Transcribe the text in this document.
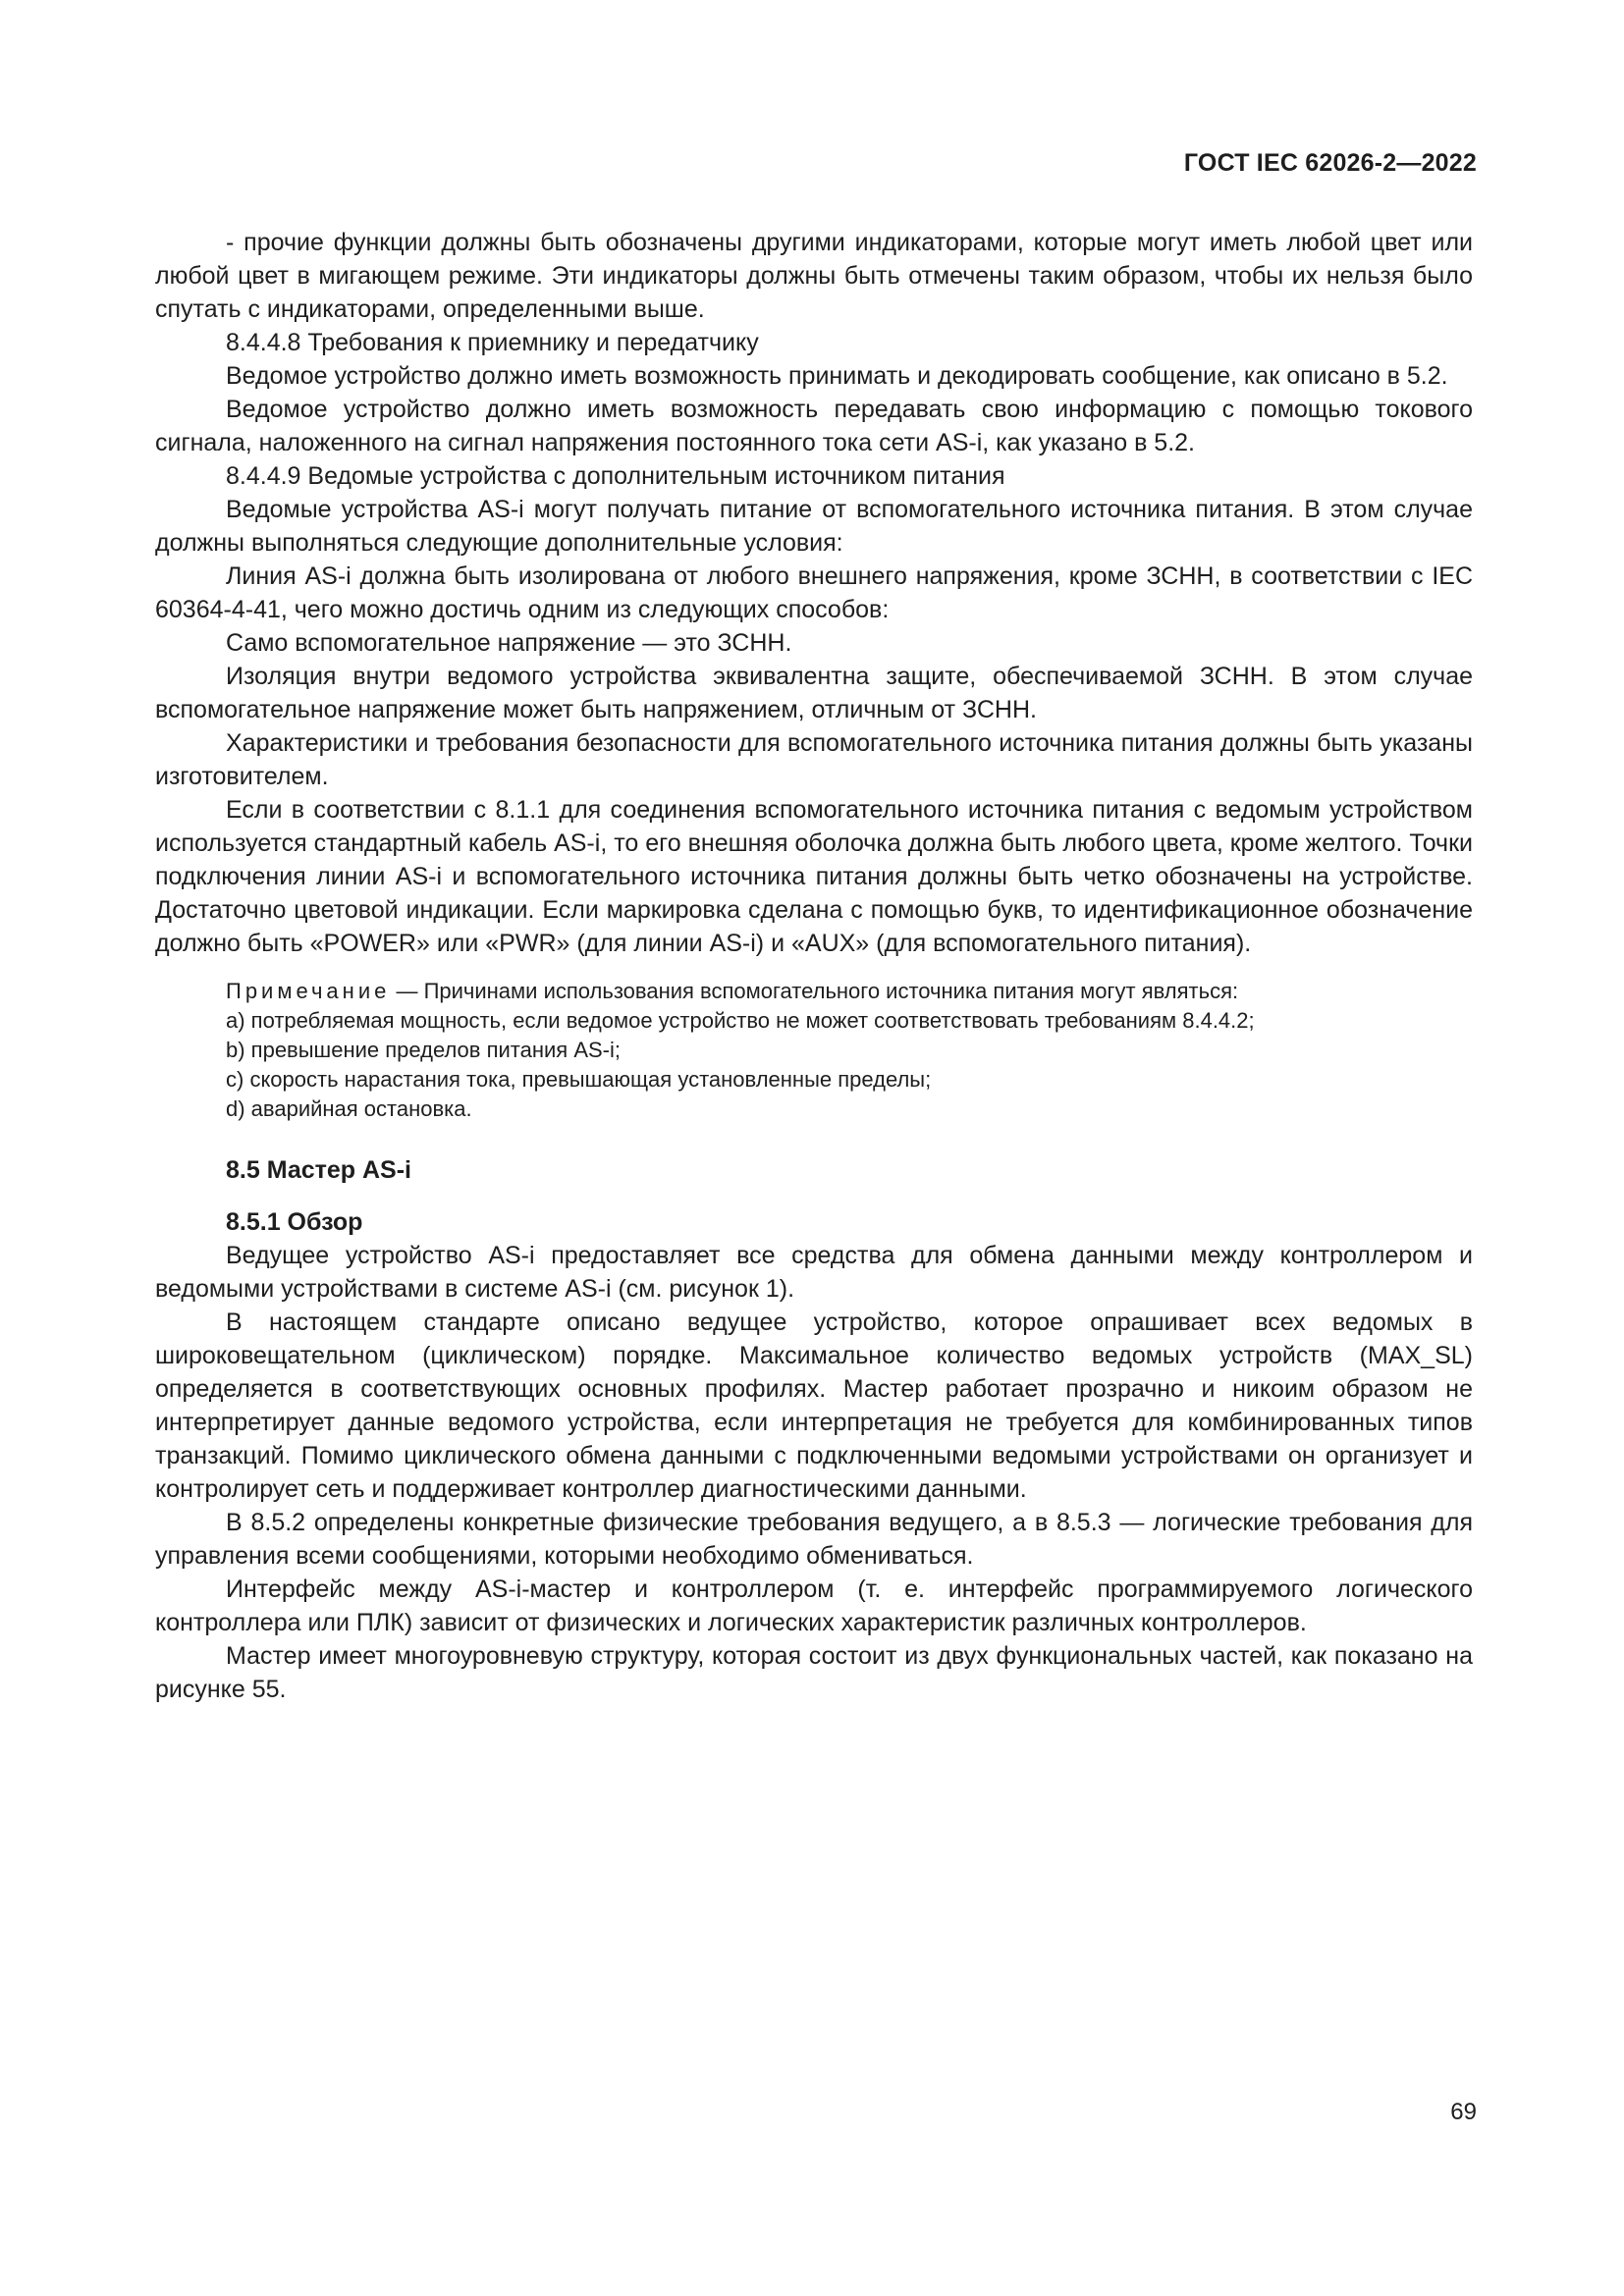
ГОСТ IEC 62026-2—2022

- прочие функции должны быть обозначены другими индикаторами, которые могут иметь любой цвет или любой цвет в мигающем режиме. Эти индикаторы должны быть отмечены таким образом, чтобы их нельзя было спутать с индикаторами, определенными выше.

8.4.4.8 Требования к приемнику и передатчику

Ведомое устройство должно иметь возможность принимать и декодировать сообщение, как описано в 5.2.

Ведомое устройство должно иметь возможность передавать свою информацию с помощью токового сигнала, наложенного на сигнал напряжения постоянного тока сети AS-i, как указано в 5.2.

8.4.4.9 Ведомые устройства с дополнительным источником питания

Ведомые устройства AS-i могут получать питание от вспомогательного источника питания. В этом случае должны выполняться следующие дополнительные условия:

Линия AS-i должна быть изолирована от любого внешнего напряжения, кроме ЗСНН, в соответствии с IEC 60364-4-41, чего можно достичь одним из следующих способов:

Само вспомогательное напряжение — это ЗСНН.

Изоляция внутри ведомого устройства эквивалентна защите, обеспечиваемой ЗСНН. В этом случае вспомогательное напряжение может быть напряжением, отличным от ЗСНН.

Характеристики и требования безопасности для вспомогательного источника питания должны быть указаны изготовителем.

Если в соответствии с 8.1.1 для соединения вспомогательного источника питания с ведомым устройством используется стандартный кабель AS-i, то его внешняя оболочка должна быть любого цвета, кроме желтого. Точки подключения линии AS-i и вспомогательного источника питания должны быть четко обозначены на устройстве. Достаточно цветовой индикации. Если маркировка сделана с помощью букв, то идентификационное обозначение должно быть «POWER» или «PWR» (для линии AS-i) и «AUX» (для вспомогательного питания).

Примечание — Причинами использования вспомогательного источника питания могут являться:

a) потребляемая мощность, если ведомое устройство не может соответствовать требованиям 8.4.4.2;

b) превышение пределов питания AS-i;

c) скорость нарастания тока, превышающая установленные пределы;

d) аварийная остановка.

8.5 Мастер AS-i

8.5.1 Обзор

Ведущее устройство AS-i предоставляет все средства для обмена данными между контроллером и ведомыми устройствами в системе AS-i (см. рисунок 1).

В настоящем стандарте описано ведущее устройство, которое опрашивает всех ведомых в широковещательном (циклическом) порядке. Максимальное количество ведомых устройств (MAX_SL) определяется в соответствующих основных профилях. Мастер работает прозрачно и никоим образом не интерпретирует данные ведомого устройства, если интерпретация не требуется для комбинированных типов транзакций. Помимо циклического обмена данными с подключенными ведомыми устройствами он организует и контролирует сеть и поддерживает контроллер диагностическими данными.

В 8.5.2 определены конкретные физические требования ведущего, а в 8.5.3 — логические требования для управления всеми сообщениями, которыми необходимо обмениваться.

Интерфейс между AS-i-мастер и контроллером (т. е. интерфейс программируемого логического контроллера или ПЛК) зависит от физических и логических характеристик различных контроллеров.

Мастер имеет многоуровневую структуру, которая состоит из двух функциональных частей, как показано на рисунке 55.

69
